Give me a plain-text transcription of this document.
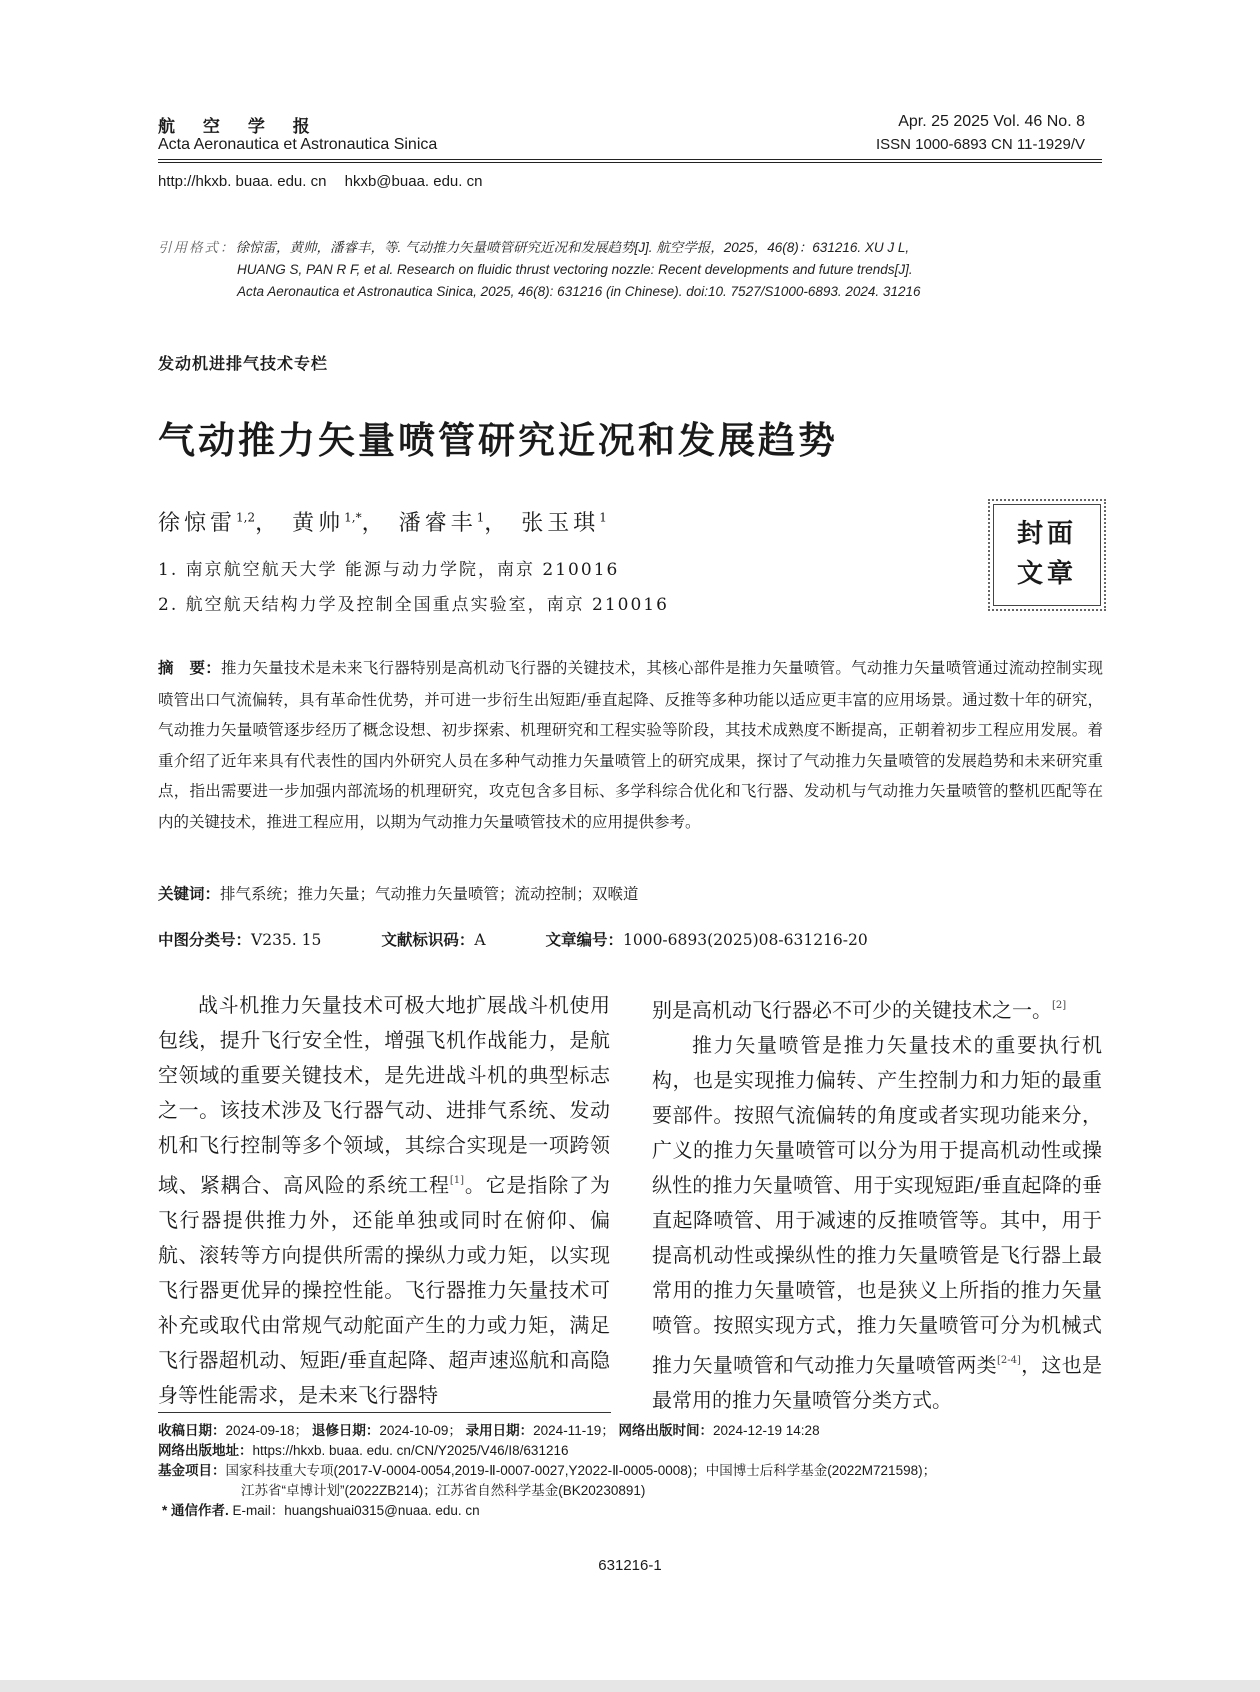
航 空 学 报
Acta Aeronautica et Astronautica Sinica
Apr. 25 2025 Vol. 46 No. 8
ISSN 1000-6893 CN 11-1929/V
http://hkxb. buaa. edu. cn hkxb@buaa. edu. cn
引用格式：徐惊雷，黄帅，潘睿丰，等. 气动推力矢量喷管研究近况和发展趋势[J]. 航空学报，2025，46(8)：631216. XU J L,
HUANG S, PAN R F, et al. Research on fluidic thrust vectoring nozzle: Recent developments and future trends[J].
Acta Aeronautica et Astronautica Sinica, 2025, 46(8): 631216 (in Chinese). doi:10. 7527/S1000-6893. 2024. 31216
发动机进排气技术专栏
气动推力矢量喷管研究近况和发展趋势
徐惊雷$^{1,2}$， 黄帅$^{1,*}$， 潘睿丰$^1$， 张玉琪$^1$
1. 南京航空航天大学 能源与动力学院，南京 210016
2. 航空航天结构力学及控制全国重点实验室，南京 210016
封面
文章
摘　要：推力矢量技术是未来飞行器特别是高机动飞行器的关键技术，其核心部件是推力矢量喷管。气动推力矢量喷管通过流动控制实现喷管出口气流偏转，具有革命性优势，并可进一步衍生出短距/垂直起降、反推等多种功能以适应更丰富的应用场景。通过数十年的研究，气动推力矢量喷管逐步经历了概念设想、初步探索、机理研究和工程实验等阶段，其技术成熟度不断提高，正朝着初步工程应用发展。着重介绍了近年来具有代表性的国内外研究人员在多种气动推力矢量喷管上的研究成果，探讨了气动推力矢量喷管的发展趋势和未来研究重点，指出需要进一步加强内部流场的机理研究，攻克包含多目标、多学科综合优化和飞行器、发动机与气动推力矢量喷管的整机匹配等在内的关键技术，推进工程应用，以期为气动推力矢量喷管技术的应用提供参考。
关键词：排气系统；推力矢量；气动推力矢量喷管；流动控制；双喉道
中图分类号：V235. 15	文献标识码：A	文章编号：1000-6893(2025)08-631216-20

战斗机推力矢量技术可极大地扩展战斗机使用包线，提升飞行安全性，增强飞机作战能力，是航空领域的重要关键技术，是先进战斗机的典型标志之一。该技术涉及飞行器气动、进排气系统、发动机和飞行控制等多个领域，其综合实现是一项跨领域、紧耦合、高风险的系统工程[1]。它是指除了为飞行器提供推力外，还能单独或同时在俯仰、偏航、滚转等方向提供所需的操纵力或力矩，以实现飞行器更优异的操控性能。飞行器推力矢量技术可补充或取代由常规气动舵面产生的力或力矩，满足飞行器超机动、短距/垂直起降、超声速巡航和高隐身等性能需求，是未来飞行器特

别是高机动飞行器必不可少的关键技术之一。[2]

推力矢量喷管是推力矢量技术的重要执行机构，也是实现推力偏转、产生控制力和力矩的最重要部件。按照气流偏转的角度或者实现功能来分，广义的推力矢量喷管可以分为用于提高机动性或操纵性的推力矢量喷管、用于实现短距/垂直起降的垂直起降喷管、用于减速的反推喷管等。其中，用于提高机动性或操纵性的推力矢量喷管是飞行器上最常用的推力矢量喷管，也是狭义上所指的推力矢量喷管。按照实现方式，推力矢量喷管可分为机械式推力矢量喷管和气动推力矢量喷管两类[2-4]，这也是最常用的推力矢量喷管分类方式。

收稿日期：2024-09-18； 退修日期：2024-10-09； 录用日期：2024-11-19； 网络出版时间：2024-12-19 14:28
网络出版地址：https://hkxb. buaa. edu. cn/CN/Y2025/V46/I8/631216
基金项目：国家科技重大专项(2017-Ⅴ-0004-0054,2019-Ⅱ-0007-0027,Y2022-Ⅱ-0005-0008)；中国博士后科学基金(2022M721598)；
江苏省“卓博计划”(2022ZB214)；江苏省自然科学基金(BK20230891)
* 通信作者. E-mail：huangshuai0315@nuaa. edu. cn
631216-1
